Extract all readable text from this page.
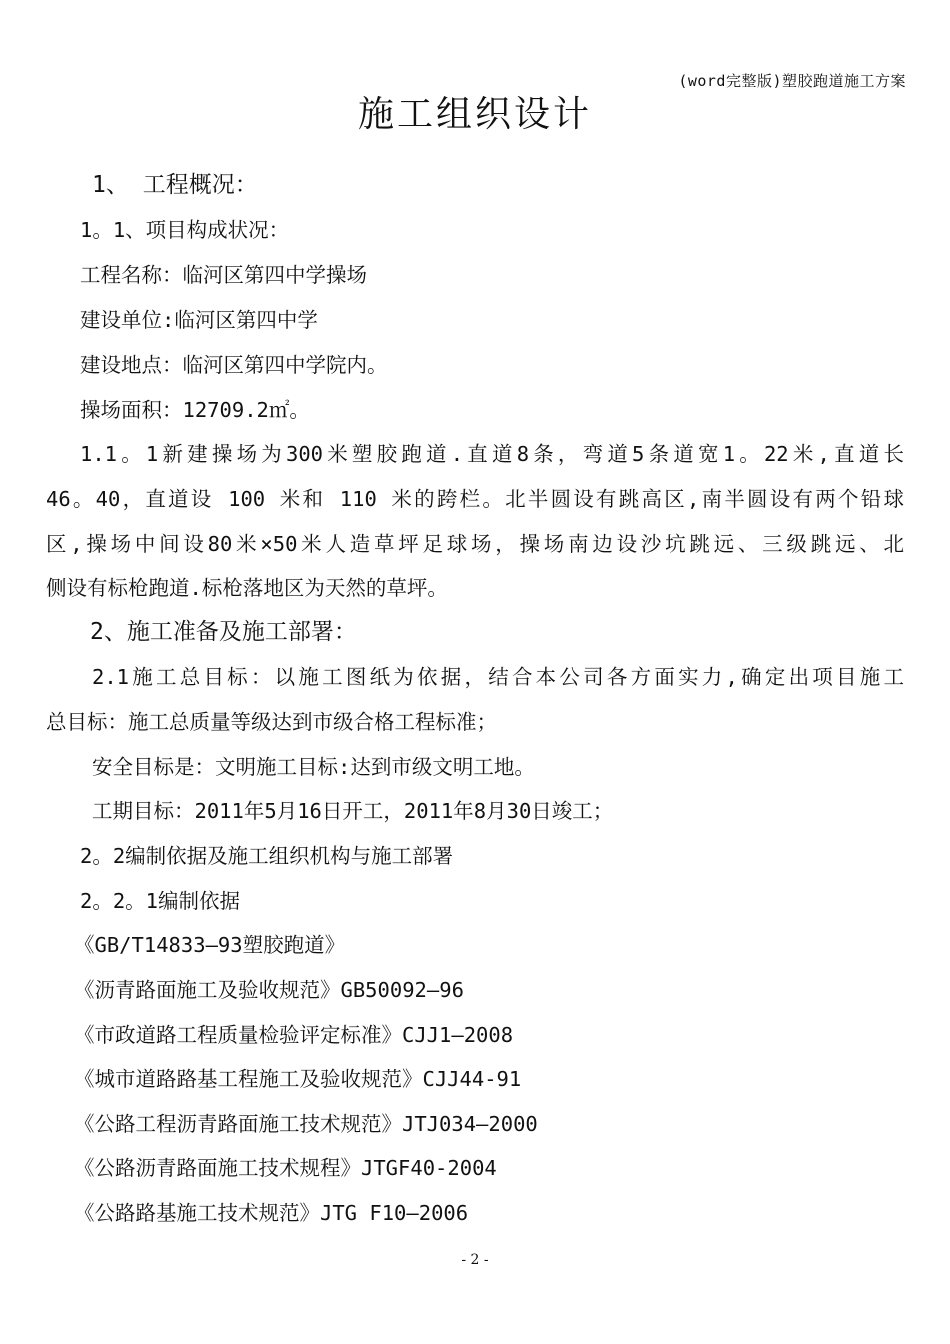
(word完整版)塑胶跑道施工方案
施工组织设计
1、 工程概况：
1。1、项目构成状况：
工程名称：临河区第四中学操场
建设单位:临河区第四中学
建设地点：临河区第四中学院内。
操场面积：12709.2㎡。
1.1。1新建操场为300米塑胶跑道.直道8条，弯道5条道宽1。22米,直道长
46。40，直道设 100 米和 110 米的跨栏。北半圆设有跳高区,南半圆设有两个铅球
区,操场中间设80米×50米人造草坪足球场，操场南边设沙坑跳远、三级跳远、北
侧设有标枪跑道.标枪落地区为天然的草坪。
2、施工准备及施工部署：
2.1施工总目标：以施工图纸为依据，结合本公司各方面实力,确定出项目施工
总目标：施工总质量等级达到市级合格工程标准；
安全目标是：文明施工目标:达到市级文明工地。
工期目标：2011年5月16日开工，2011年8月30日竣工；
2。2编制依据及施工组织机构与施工部署
2。2。1编制依据
《GB/T14833—93塑胶跑道》
《沥青路面施工及验收规范》GB50092—96
《市政道路工程质量检验评定标准》CJJ1—2008
《城市道路路基工程施工及验收规范》CJJ44-91
《公路工程沥青路面施工技术规范》JTJ034—2000
《公路沥青路面施工技术规程》JTGF40-2004
《公路路基施工技术规范》JTG F10—2006
- 2 -
